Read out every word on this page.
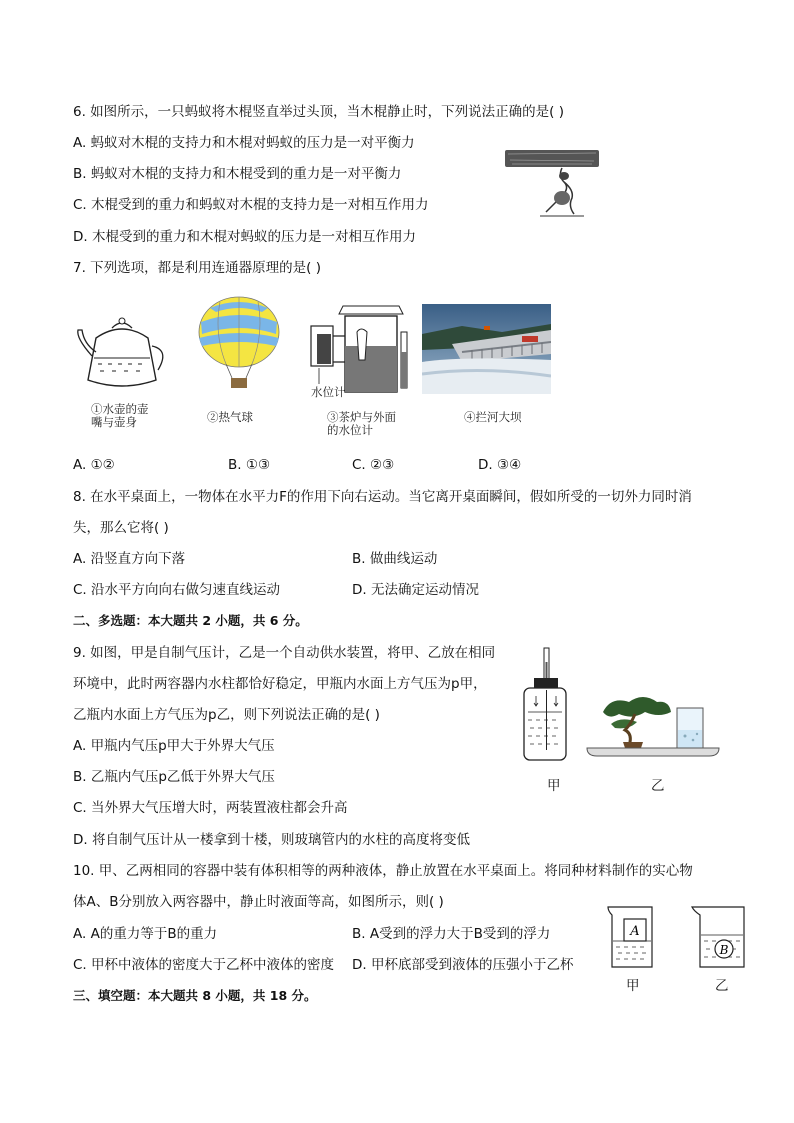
6. 如图所示，一只蚂蚁将木棍竖直举过头顶，当木棍静止时，下列说法正确的是( )
A. 蚂蚁对木棍的支持力和木棍对蚂蚁的压力是一对平衡力
B. 蚂蚁对木棍的支持力和木棍受到的重力是一对平衡力
C. 木棍受到的重力和蚂蚁对木棍的支持力是一对相互作用力
D. 木棍受到的重力和木棍对蚂蚁的压力是一对相互作用力
7. 下列选项，都是利用连通器原理的是( )
①水壶的壶
嘴与壶身	②热气球
水位计
③茶炉与外面
的水位计
④拦河大坝
A. ①②	B. ①③	C. ②③	D. ③④
8. 在水平桌面上，一物体在水平力F的作用下向右运动。当它离开桌面瞬间，假如所受的一切外力同时消
失，那么它将( )
A. 沿竖直方向下落	B. 做曲线运动
C. 沿水平方向向右做匀速直线运动	D. 无法确定运动情况
二、多选题：本大题共 2 小题，共 6 分。
9. 如图，甲是自制气压计，乙是一个自动供水装置，将甲、乙放在相同
环境中，此时两容器内水柱都恰好稳定，甲瓶内水面上方气压为p甲，
乙瓶内水面上方气压为p乙，则下列说法正确的是( )
A. 甲瓶内气压p甲大于外界大气压
B. 乙瓶内气压p乙低于外界大气压
C. 当外界大气压增大时，两装置液柱都会升高
D. 将自制气压计从一楼拿到十楼，则玻璃管内的水柱的高度将变低
甲	乙
10. 甲、乙两相同的容器中装有体积相等的两种液体，静止放置在水平桌面上。将同种材料制作的实心物
体A、B分别放入两容器中，静止时液面等高，如图所示，则( )
A. A的重力等于B的重力	B. A受到的浮力大于B受到的浮力
C. 甲杯中液体的密度大于乙杯中液体的密度 D. 甲杯底部受到液体的压强小于乙杯
A
甲
B
乙
三、填空题：本大题共 8 小题，共 18 分。
